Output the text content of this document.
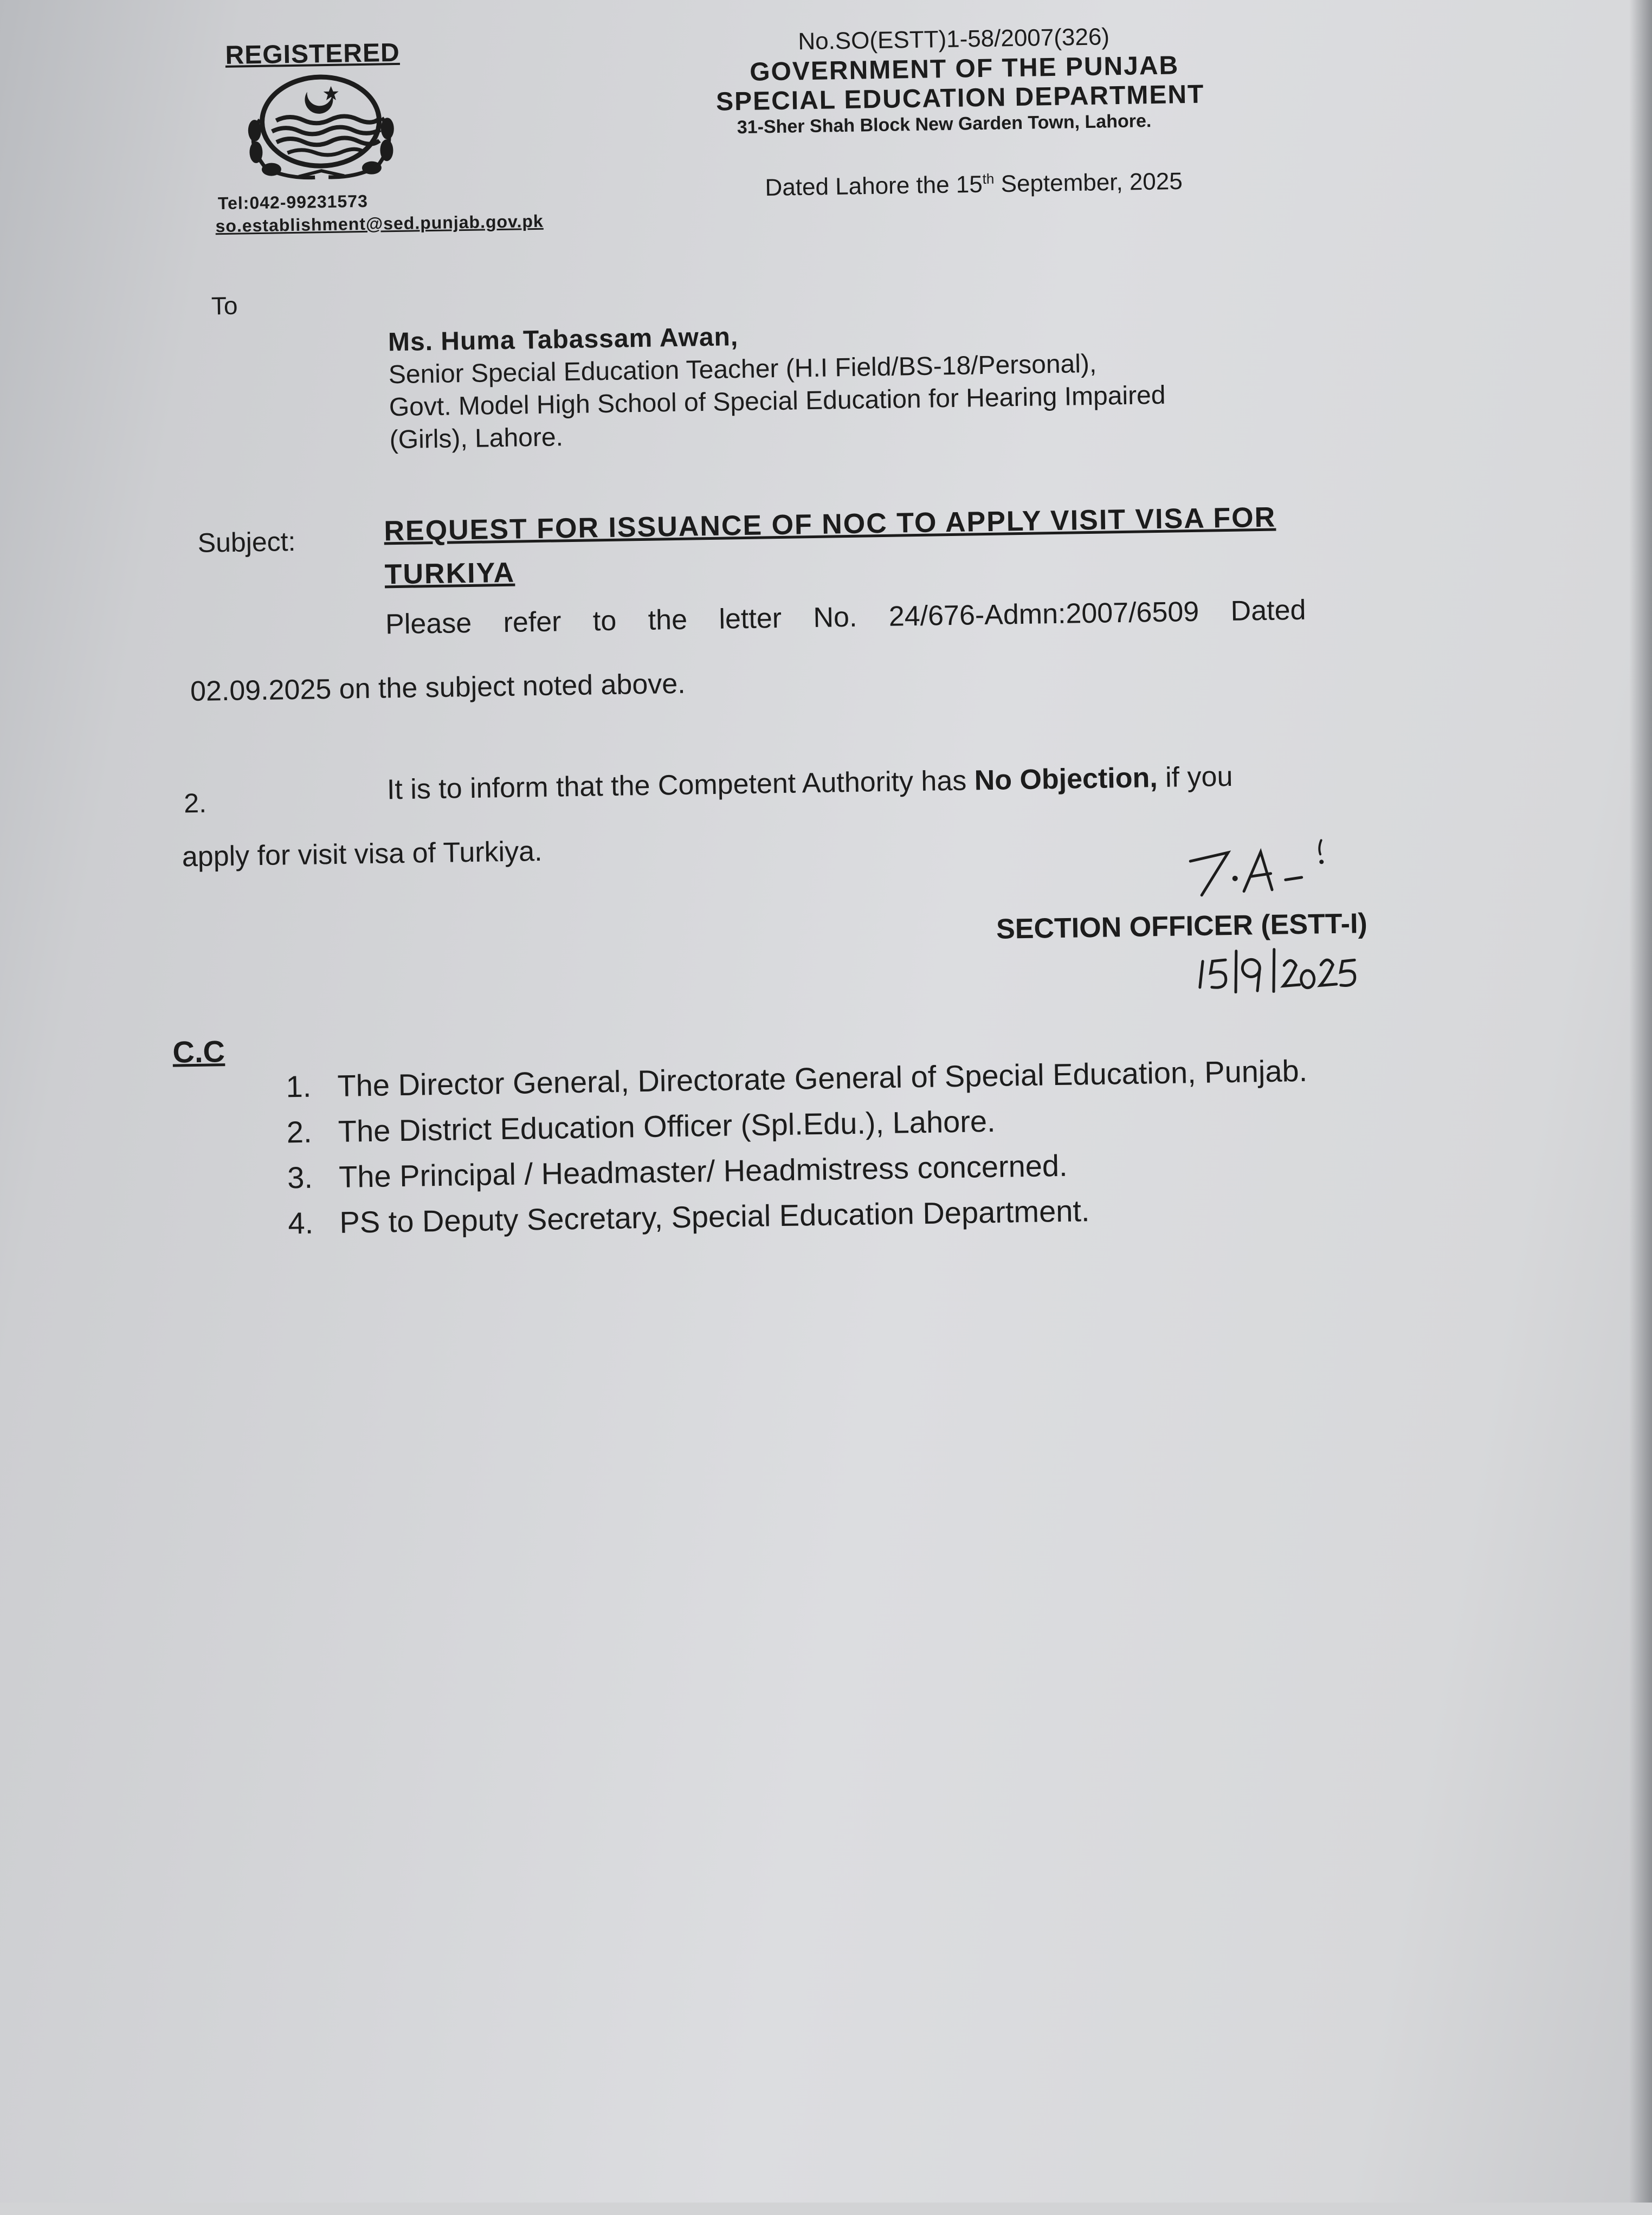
REGISTERED
Tel:042-99231573
so.establishment@sed.punjab.gov.pk
No.SO(ESTT)1-58/2007(326)
GOVERNMENT OF THE PUNJAB
SPECIAL EDUCATION DEPARTMENT
31-Sher Shah Block New Garden Town, Lahore.
Dated Lahore the 15th September, 2025
To
Ms. Huma Tabassam Awan,
Senior Special Education Teacher (H.I Field/BS-18/Personal),
Govt. Model High School of Special Education for Hearing Impaired
(Girls), Lahore.
Subject:	REQUEST FOR ISSUANCE OF NOC TO APPLY VISIT VISA FOR
TURKIYA
Please refer to the letter No. 24/676-Admn:2007/6509 Dated
02.09.2025 on the subject noted above.
2.	It is to inform that the Competent Authority has No Objection, if you
apply for visit visa of Turkiya.
SECTION OFFICER (ESTT-I)
C.C
1. The Director General, Directorate General of Special Education, Punjab.
2. The District Education Officer (Spl.Edu.), Lahore.
3. The Principal / Headmaster/ Headmistress concerned.
4. PS to Deputy Secretary, Special Education Department.
